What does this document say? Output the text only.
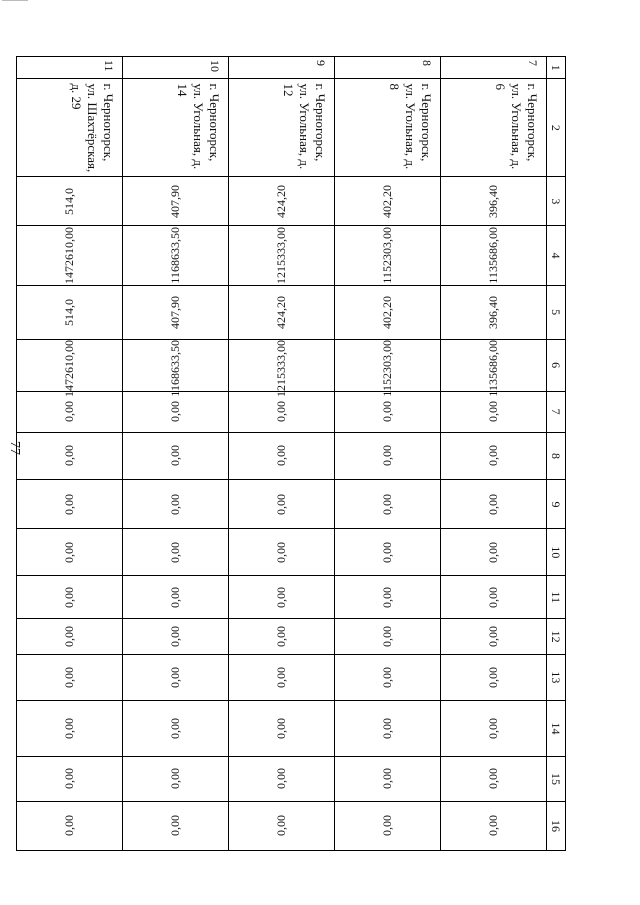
77
1	2	3	4	5	6	7	8	9	10	11	12	13	14	15	16
7	г. Черногорск,
ул. Угольная, д. 6	396,40	1135686,00	396,40	1135686,00	0,00	0,00	0,00	0,00	0,00	0,00	0,00	0,00	0,00	0,00
8	г. Черногорск,
ул. Угольная, д. 8	402,20	1152303,00	402,20	1152303,00	0,00	0,00	0,00	0,00	0,00	0,00	0,00	0,00	0,00	0,00
9	г. Черногорск,
ул. Угольная, д. 12	424,20	1215333,00	424,20	1215333,00	0,00	0,00	0,00	0,00	0,00	0,00	0,00	0,00	0,00	0,00
10	г. Черногорск,
ул. Угольная, д. 14	407,90	1168633,50	407,90	1168633,50	0,00	0,00	0,00	0,00	0,00	0,00	0,00	0,00	0,00	0,00
11	г. Черногорск,
ул. Шахтёрская,
д. 29	514,0	1472610,00	514,0	1472610,00	0,00	0,00	0,00	0,00	0,00	0,00	0,00	0,00	0,00	0,00
